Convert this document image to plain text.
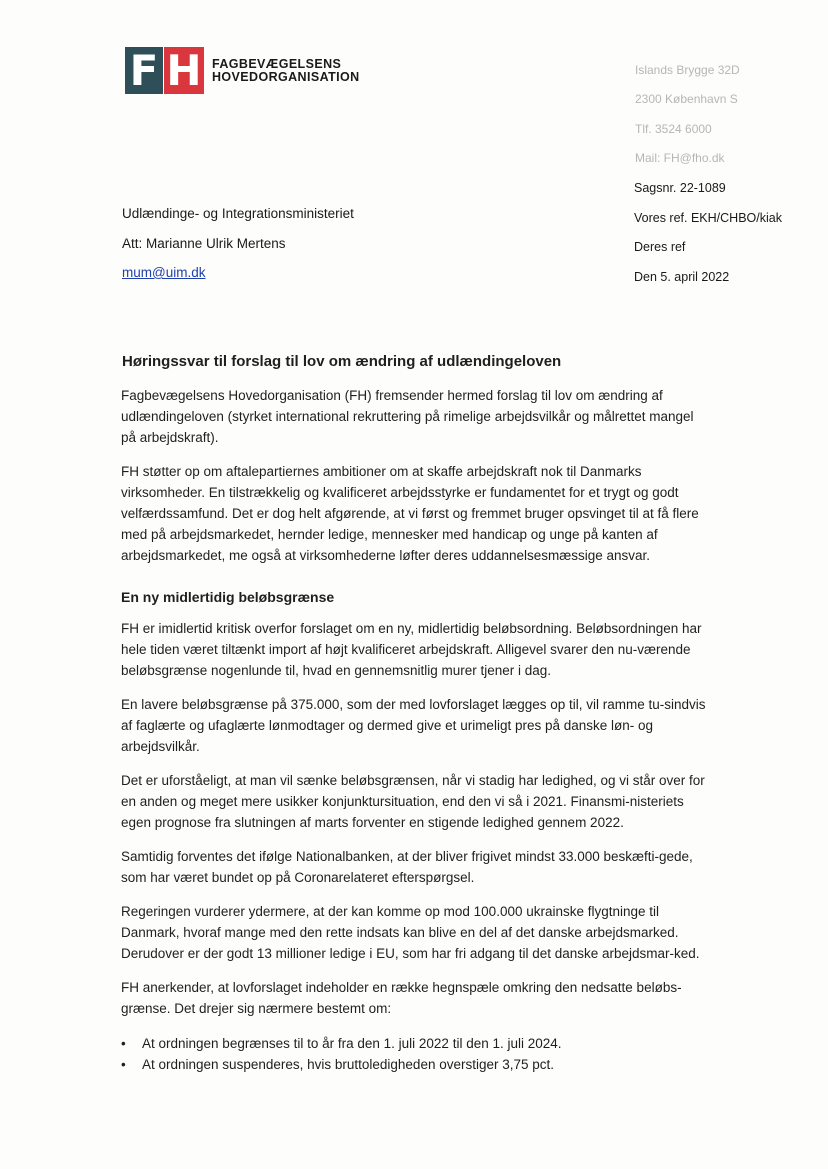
F H FAGBEVÆGELSENS
HOVEDORGANISATION	Islands Brygge 32D
2300 København S
Tlf. 3524 6000
Mail: FH@fho.dk
Sagsnr. 22-1089
Vores ref. EKH/CHBO/kiak
Deres ref
Den 5. april 2022
Udlændinge- og Integrationsministeriet
Att: Marianne Ulrik Mertens
mum@uim.dk
Høringssvar til forslag til lov om ændring af udlændingeloven

Fagbevægelsens Hovedorganisation (FH) fremsender hermed forslag til lov om ændring af udlændingeloven (styrket international rekruttering på rimelige arbejdsvilkår og målrettet mangel på arbejdskraft).

FH støtter op om aftalepartiernes ambitioner om at skaffe arbejdskraft nok til Danmarks virksomheder. En tilstrækkelig og kvalificeret arbejdsstyrke er fundamentet for et trygt og godt velfærdssamfund. Det er dog helt afgørende, at vi først og fremmet bruger opsvinget til at få flere med på arbejdsmarkedet, hernder ledige, mennesker med handicap og unge på kanten af arbejdsmarkedet, me også at virksomhederne løfter deres uddannelsesmæssige ansvar.

En ny midlertidig beløbsgrænse

FH er imidlertid kritisk overfor forslaget om en ny, midlertidig beløbsordning. Beløbsordningen har hele tiden været tiltænkt import af højt kvalificeret arbejdskraft. Alligevel svarer den nu-værende beløbsgrænse nogenlunde til, hvad en gennemsnitlig murer tjener i dag.

En lavere beløbsgrænse på 375.000, som der med lovforslaget lægges op til, vil ramme tu-sindvis af faglærte og ufaglærte lønmodtager og dermed give et urimeligt pres på danske løn- og arbejdsvilkår.

Det er uforståeligt, at man vil sænke beløbsgrænsen, når vi stadig har ledighed, og vi står over for en anden og meget mere usikker konjunktursituation, end den vi så i 2021. Finansmi-nisteriets egen prognose fra slutningen af marts forventer en stigende ledighed gennem 2022.

Samtidig forventes det ifølge Nationalbanken, at der bliver frigivet mindst 33.000 beskæfti-gede, som har været bundet op på Coronarelateret efterspørgsel.

Regeringen vurderer ydermere, at der kan komme op mod 100.000 ukrainske flygtninge til Danmark, hvoraf mange med den rette indsats kan blive en del af det danske arbejdsmarked. Derudover er der godt 13 millioner ledige i EU, som har fri adgang til det danske arbejdsmar-ked.

FH anerkender, at lovforslaget indeholder en række hegnspæle omkring den nedsatte beløbs-grænse. Det drejer sig nærmere bestemt om:

• At ordningen begrænses til to år fra den 1. juli 2022 til den 1. juli 2024.
• At ordningen suspenderes, hvis bruttoledigheden overstiger 3,75 pct.
